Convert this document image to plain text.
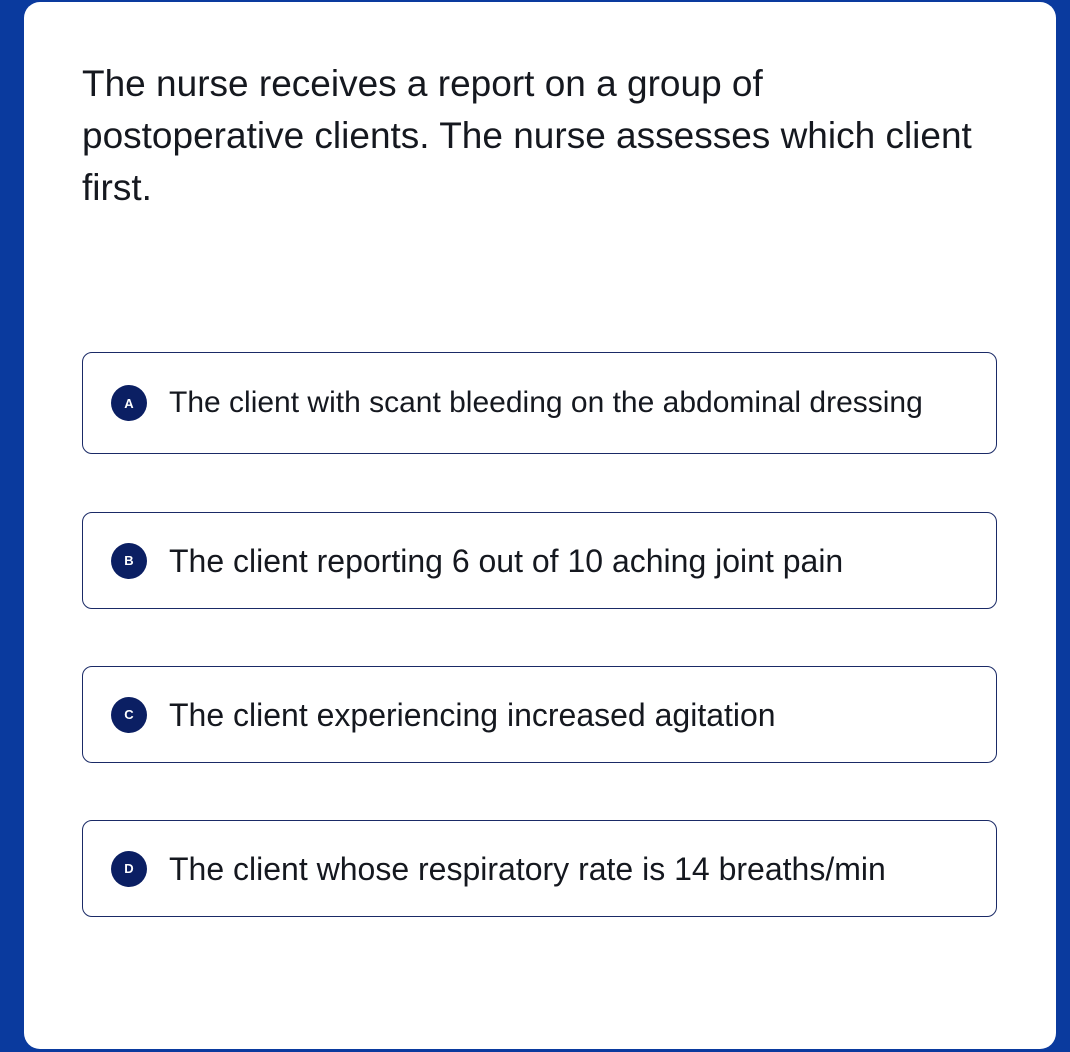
The nurse receives a report on a group of postoperative clients. The nurse assesses which client first.

A	The client with scant bleeding on the abdominal dressing
B	The client reporting 6 out of 10 aching joint pain
C	The client experiencing increased agitation
D	The client whose respiratory rate is 14 breaths/min
